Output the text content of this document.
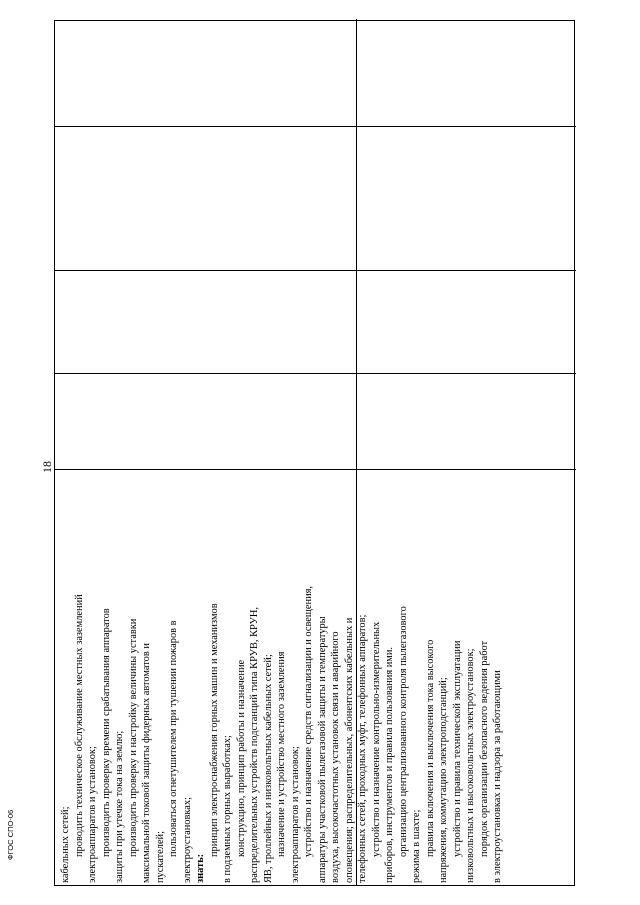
кабельных сетей; проводить техническое обслуживание местных заземлений электроаппаратов и установок; производить проверку времени срабатывания аппаратов защиты при утечке тока на землю; производить проверку и настройку величины уставки максимальной токовой защиты фидерных автоматов и пускателей; пользоваться огнетушителем при тушении пожаров в электроустановках; знать:
принцип электроснабжения горных машин и механизмов в подземных горных выработках; конструкцию, принцип работы и назначение распределительных устройств подстанций типа КРУВ, КРУН, ЯВ, троллейных и низковольтных кабельных сетей; назначение и устройство местного заземления электроаппаратов и установок; устройство и назначение средств сигнализации и освещения, аппаратуры участковой пылегазовой защиты и температуры воздуха, высокочастотных установок связи и аварийного оповещения; распределительных, абонентских кабельных и телефонных сетей, проходных муфт, телефонных аппаратов; устройство и назначение контрольно-измерительных приборов, инструментов и правила пользования ими. организацию централизованного контроля пылегазового режима в шахте; правила включения и выключения тока высокого напряжения, коммутацию электроподстанций; устройство и правила технической эксплуатации низковольтных и высоковольтных электроустановок; порядок организации безопасного ведения работ в электроустановках и надзора за работающими
18
ФГОС СПО-06
